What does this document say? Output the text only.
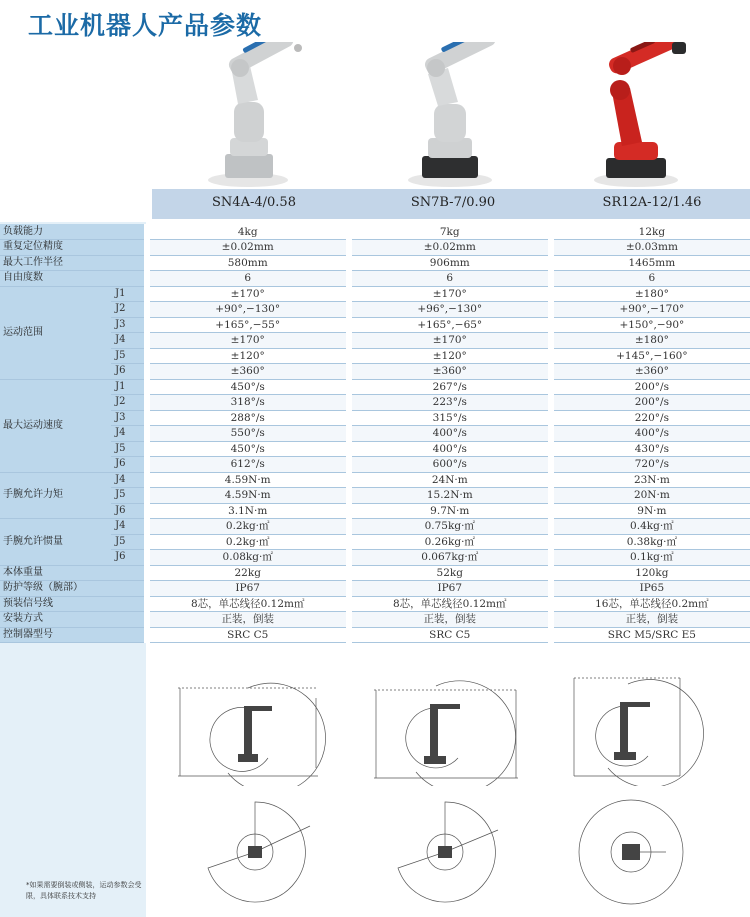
工业机器人产品参数
SN4A-4/0.58	SN7B-7/0.90	SR12A-12/1.46
负载能力			4kg		7kg		12kg
重复定位精度			±0.02mm		±0.02mm		±0.03mm
最大工作半径			580mm		906mm		1465mm
自由度数			6		6		6
运动范围	J1		±170°		±170°		±180°
	J2		+90°,−130°		+96°,−130°		+90°,−170°
	J3		+165°,−55°		+165°,−65°		+150°,−90°
	J4		±170°		±170°		±180°
	J5		±120°		±120°		+145°,−160°
	J6		±360°		±360°		±360°
最大运动速度	J1		450°/s		267°/s		200°/s
	J2		318°/s		223°/s		200°/s
	J3		288°/s		315°/s		220°/s
	J4		550°/s		400°/s		400°/s
	J5		450°/s		400°/s		430°/s
	J6		612°/s		600°/s		720°/s
手腕允许力矩	J4		4.59N·m		24N·m		23N·m
	J5		4.59N·m		15.2N·m		20N·m
	J6		3.1N·m		9.7N·m		9N·m
手腕允许惯量	J4		0.2kg·㎡		0.75kg·㎡		0.4kg·㎡
	J5		0.2kg·㎡		0.26kg·㎡		0.38kg·㎡
	J6		0.08kg·㎡		0.067kg·㎡		0.1kg·㎡
本体重量			22kg		52kg		120kg
防护等级（腕部）			IP67		IP67		IP65
预装信号线			8芯，单芯线径0.12m㎡		8芯，单芯线径0.12m㎡		16芯，单芯线径0.2m㎡
安装方式			正装，倒装		正装，倒装		正装，倒装
控制器型号			SRC C5		SRC C5		SRC M5/SRC E5
*如果需要倒装或侧装，运动参数会受限，具体联系技术支持
